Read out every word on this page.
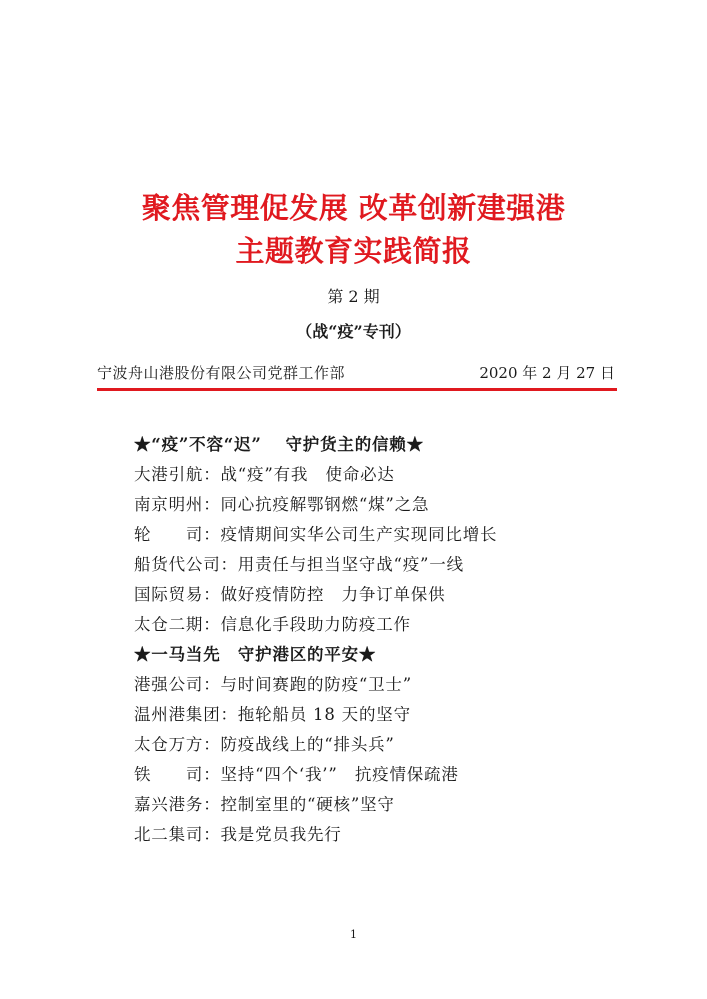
聚焦管理促发展 改革创新建强港
主题教育实践简报
第 2 期
（战“疫”专刊）
宁波舟山港股份有限公司党群工作部	2020 年 2 月 27 日
★“疫”不容“迟”　 守护货主的信赖★
大港引航：战“疫”有我　使命必达
南京明州：同心抗疫解鄂钢燃“煤”之急
轮　　司：疫情期间实华公司生产实现同比增长
船货代公司：用责任与担当坚守战“疫”一线
国际贸易：做好疫情防控　力争订单保供
太仓二期：信息化手段助力防疫工作
★一马当先　守护港区的平安★
港强公司：与时间赛跑的防疫“卫士”
温州港集团：拖轮船员 18 天的坚守
太仓万方：防疫战线上的“排头兵”
铁　　司：坚持“四个‘我’”　抗疫情保疏港
嘉兴港务：控制室里的“硬核”坚守
北二集司：我是党员我先行
1
